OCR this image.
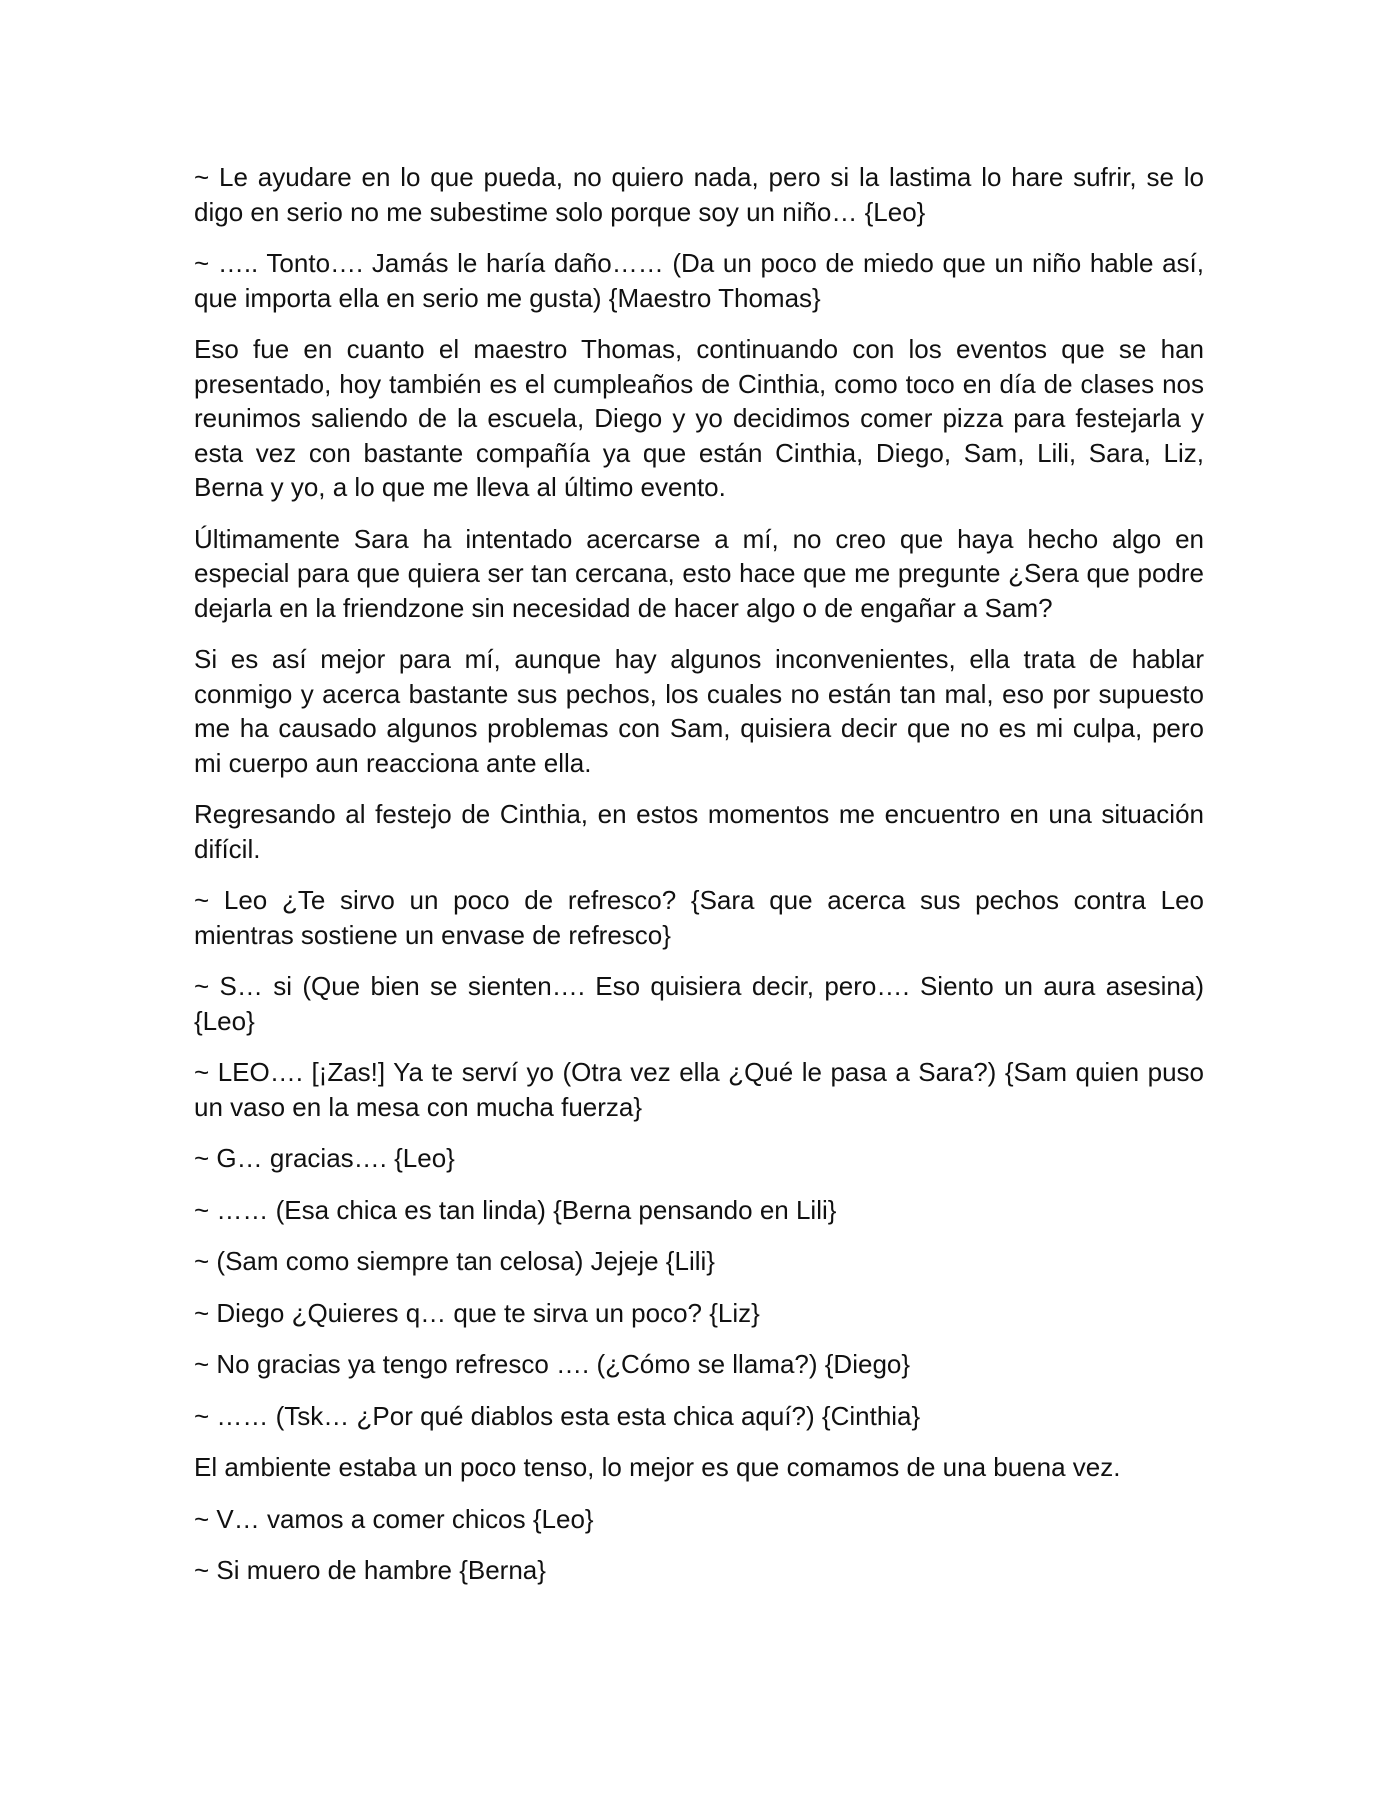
~ Le ayudare en lo que pueda, no quiero nada, pero si la lastima lo hare sufrir, se lo digo en serio no me subestime solo porque soy un niño… {Leo}

~ ….. Tonto…. Jamás le haría daño…… (Da un poco de miedo que un niño hable así, que importa ella en serio me gusta) {Maestro Thomas}

Eso fue en cuanto el maestro Thomas, continuando con los eventos que se han presentado, hoy también es el cumpleaños de Cinthia, como toco en día de clases nos reunimos saliendo de la escuela, Diego y yo decidimos comer pizza para festejarla y esta vez con bastante compañía ya que están Cinthia, Diego, Sam, Lili, Sara, Liz, Berna y yo, a lo que me lleva al último evento.

Últimamente Sara ha intentado acercarse a mí, no creo que haya hecho algo en especial para que quiera ser tan cercana, esto hace que me pregunte ¿Sera que podre dejarla en la friendzone sin necesidad de hacer algo o de engañar a Sam?

Si es así mejor para mí, aunque hay algunos inconvenientes, ella trata de hablar conmigo y acerca bastante sus pechos, los cuales no están tan mal, eso por supuesto me ha causado algunos problemas con Sam, quisiera decir que no es mi culpa, pero mi cuerpo aun reacciona ante ella.

Regresando al festejo de Cinthia, en estos momentos me encuentro en una situación difícil.

~ Leo ¿Te sirvo un poco de refresco? {Sara que acerca sus pechos contra Leo mientras sostiene un envase de refresco}

~ S… si (Que bien se sienten…. Eso quisiera decir, pero…. Siento un aura asesina) {Leo}

~ LEO…. [¡Zas!] Ya te serví yo (Otra vez ella ¿Qué le pasa a Sara?) {Sam quien puso un vaso en la mesa con mucha fuerza}

~ G… gracias…. {Leo}

~ …… (Esa chica es tan linda) {Berna pensando en Lili}

~ (Sam como siempre tan celosa) Jejeje {Lili}

~ Diego ¿Quieres q… que te sirva un poco? {Liz}

~ No gracias ya tengo refresco …. (¿Cómo se llama?) {Diego}

~ …… (Tsk… ¿Por qué diablos esta esta chica aquí?) {Cinthia}

El ambiente estaba un poco tenso, lo mejor es que comamos de una buena vez.

~ V… vamos a comer chicos {Leo}

~ Si muero de hambre {Berna}
